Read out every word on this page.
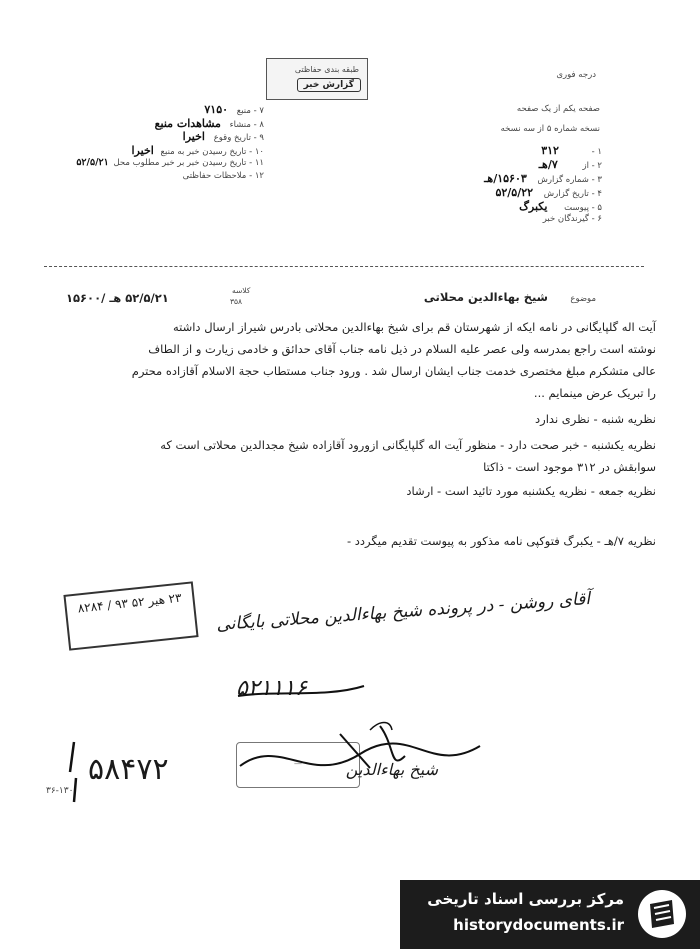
طبقه بندی حفاظتی
گزارش خبر
درجه فوری
صفحه یکم از یک صفحه
نسخه شماره ۵ از سه نسخه
۱ - ۳۱۲
۲ - از ۷/هـ
۳ - شماره گزارش ۱۵۶۰۳/هـ
۴ - تاریخ گزارش ۵۲/۵/۲۲
۵ - پیوست یکبرگ
۶ - گیرندگان خبر
۷ - منبع ۷۱۵۰
۸ - منشاء مشاهدات منبع
۹ - تاریخ وقوع اخیرا
۱۰ - تاریخ رسیدن خبر به منبع اخیرا
۱۱ - تاریخ رسیدن خبر بر خبر مطلوب محل ۵۲/۵/۲۱
۱۲ - ملاحظات حفاظتی
موضوع
شیخ بهاءالدین محلاتی
کلاسه
۳۵۸
۵۲/۵/۲۱ هـ /۱۵۶۰۰
آیت اله گلپایگانی در نامه ایکه از شهرستان قم برای شیخ بهاءالدین محلاتی بادرس شیراز ارسال داشته
نوشته است راجع بمدرسه ولی عصر علیه السلام در ذیل نامه جناب آقای حدائق و خادمی زیارت و از الطاف
عالی متشکرم مبلغ مختصری خدمت جناب ایشان ارسال شد . ورود جناب مستطاب حجة الاسلام آقازاده محترم
را تبریک عرض مینمایم ...
نظریه شنبه - نظری ندارد
نظریه یکشنبه - خبر صحت دارد - منظور آیت اله گلپایگانی ازورود آقازاده شیخ مجدالدین محلاتی است که
سوابقش در ۳۱۲ موجود است - ذاکتا
نظریه جمعه - نظریه یکشنبه مورد تائید است - ارشاد
نظریه ۷/هـ - یکبرگ فتوکپی نامه مذکور به پیوست تقدیم میگردد -
آقای روشن - در پرونده شیخ بهاءالدین محلاتی بایگانی
۲۳ هیر ۵۲ ۹۳ / ۸۲۸۴
۵۲۱۱۱۶
—	شیخ بهاءالدین
۵۸۴۷۲
۳۶-۱۳۰
مرکز بررسی اسناد تاریخی
historydocuments.ir
